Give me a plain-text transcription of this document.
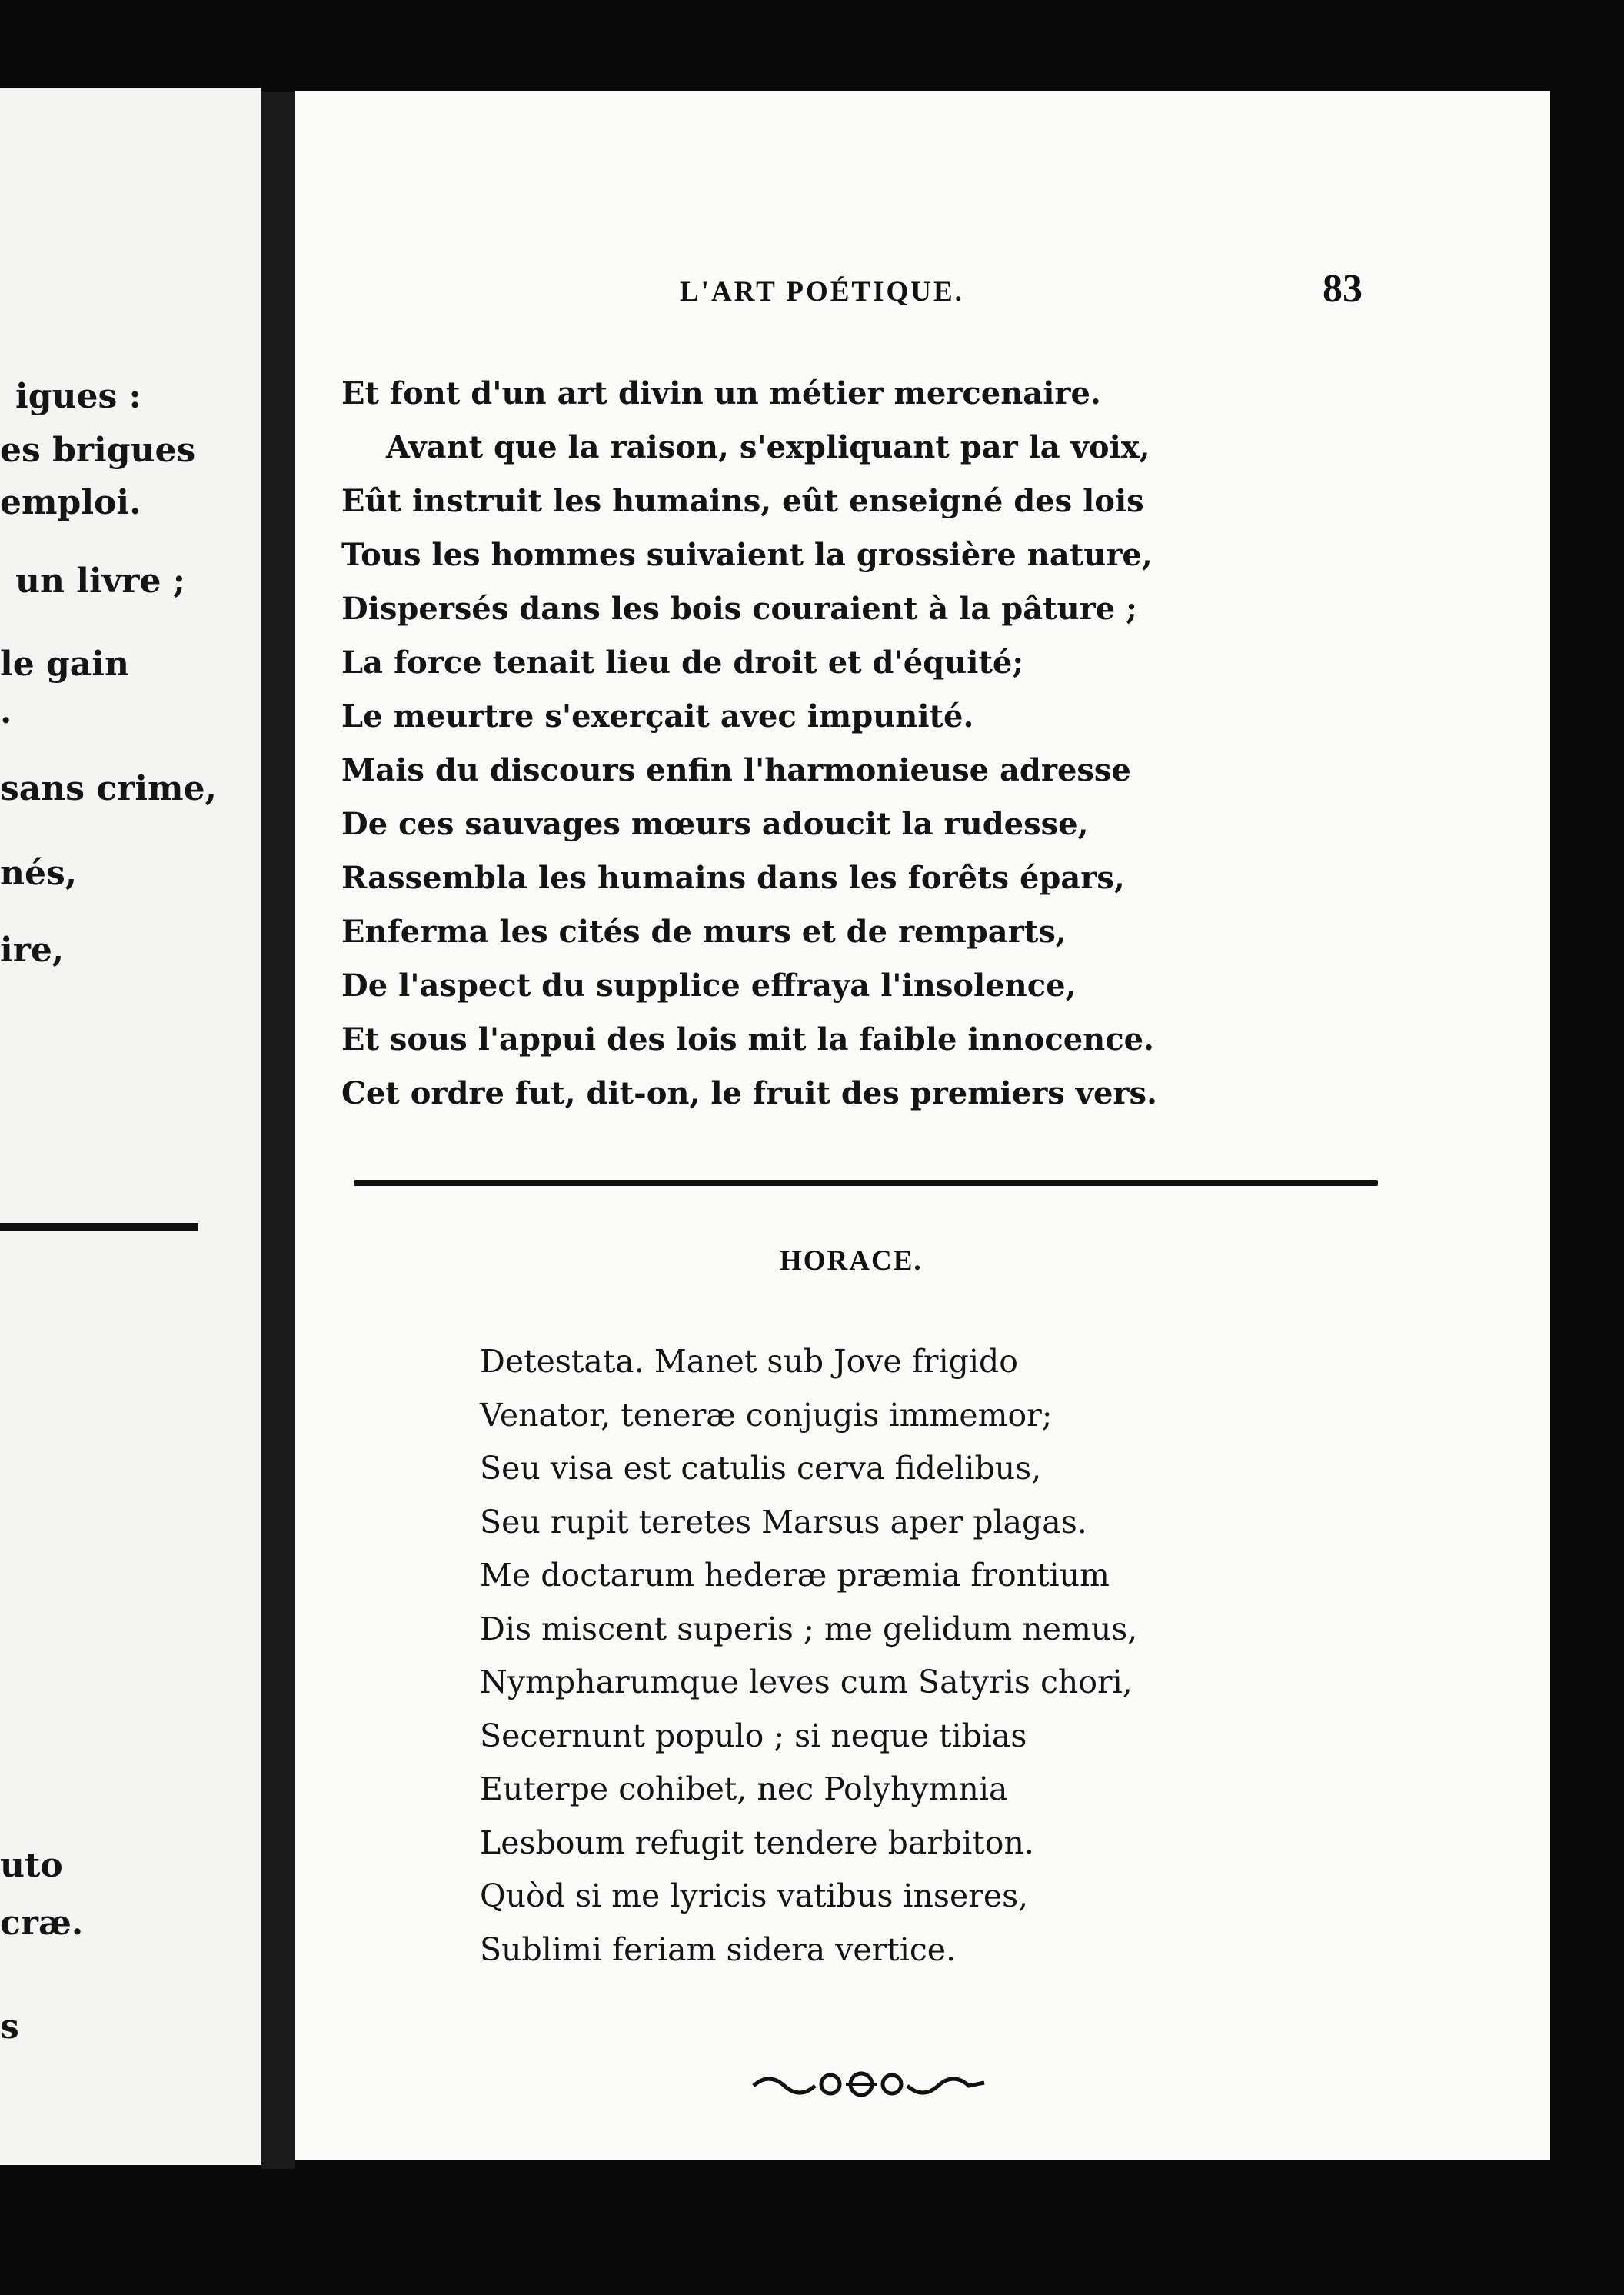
igues :
es brigues
emploi.
un livre ;
le gain
.
sans crime,
nés,
ire,
uto
cræ.
s
L'ART POÉTIQUE.	83
Et font d'un art divin un métier mercenaire.
Avant que la raison, s'expliquant par la voix,
Eût instruit les humains, eût enseigné des lois
Tous les hommes suivaient la grossière nature,
Dispersés dans les bois couraient à la pâture ;
La force tenait lieu de droit et d'équité;
Le meurtre s'exerçait avec impunité.
Mais du discours enfin l'harmonieuse adresse
De ces sauvages mœurs adoucit la rudesse,
Rassembla les humains dans les forêts épars,
Enferma les cités de murs et de remparts,
De l'aspect du supplice effraya l'insolence,
Et sous l'appui des lois mit la faible innocence.
Cet ordre fut, dit-on, le fruit des premiers vers.
HORACE.
Detestata. Manet sub Jove frigido
Venator, teneræ conjugis immemor;
Seu visa est catulis cerva fidelibus,
Seu rupit teretes Marsus aper plagas.
Me doctarum hederæ præmia frontium
Dis miscent superis ; me gelidum nemus,
Nympharumque leves cum Satyris chori,
Secernunt populo ; si neque tibias
Euterpe cohibet, nec Polyhymnia
Lesboum refugit tendere barbiton.
Quòd si me lyricis vatibus inseres,
Sublimi feriam sidera vertice.
